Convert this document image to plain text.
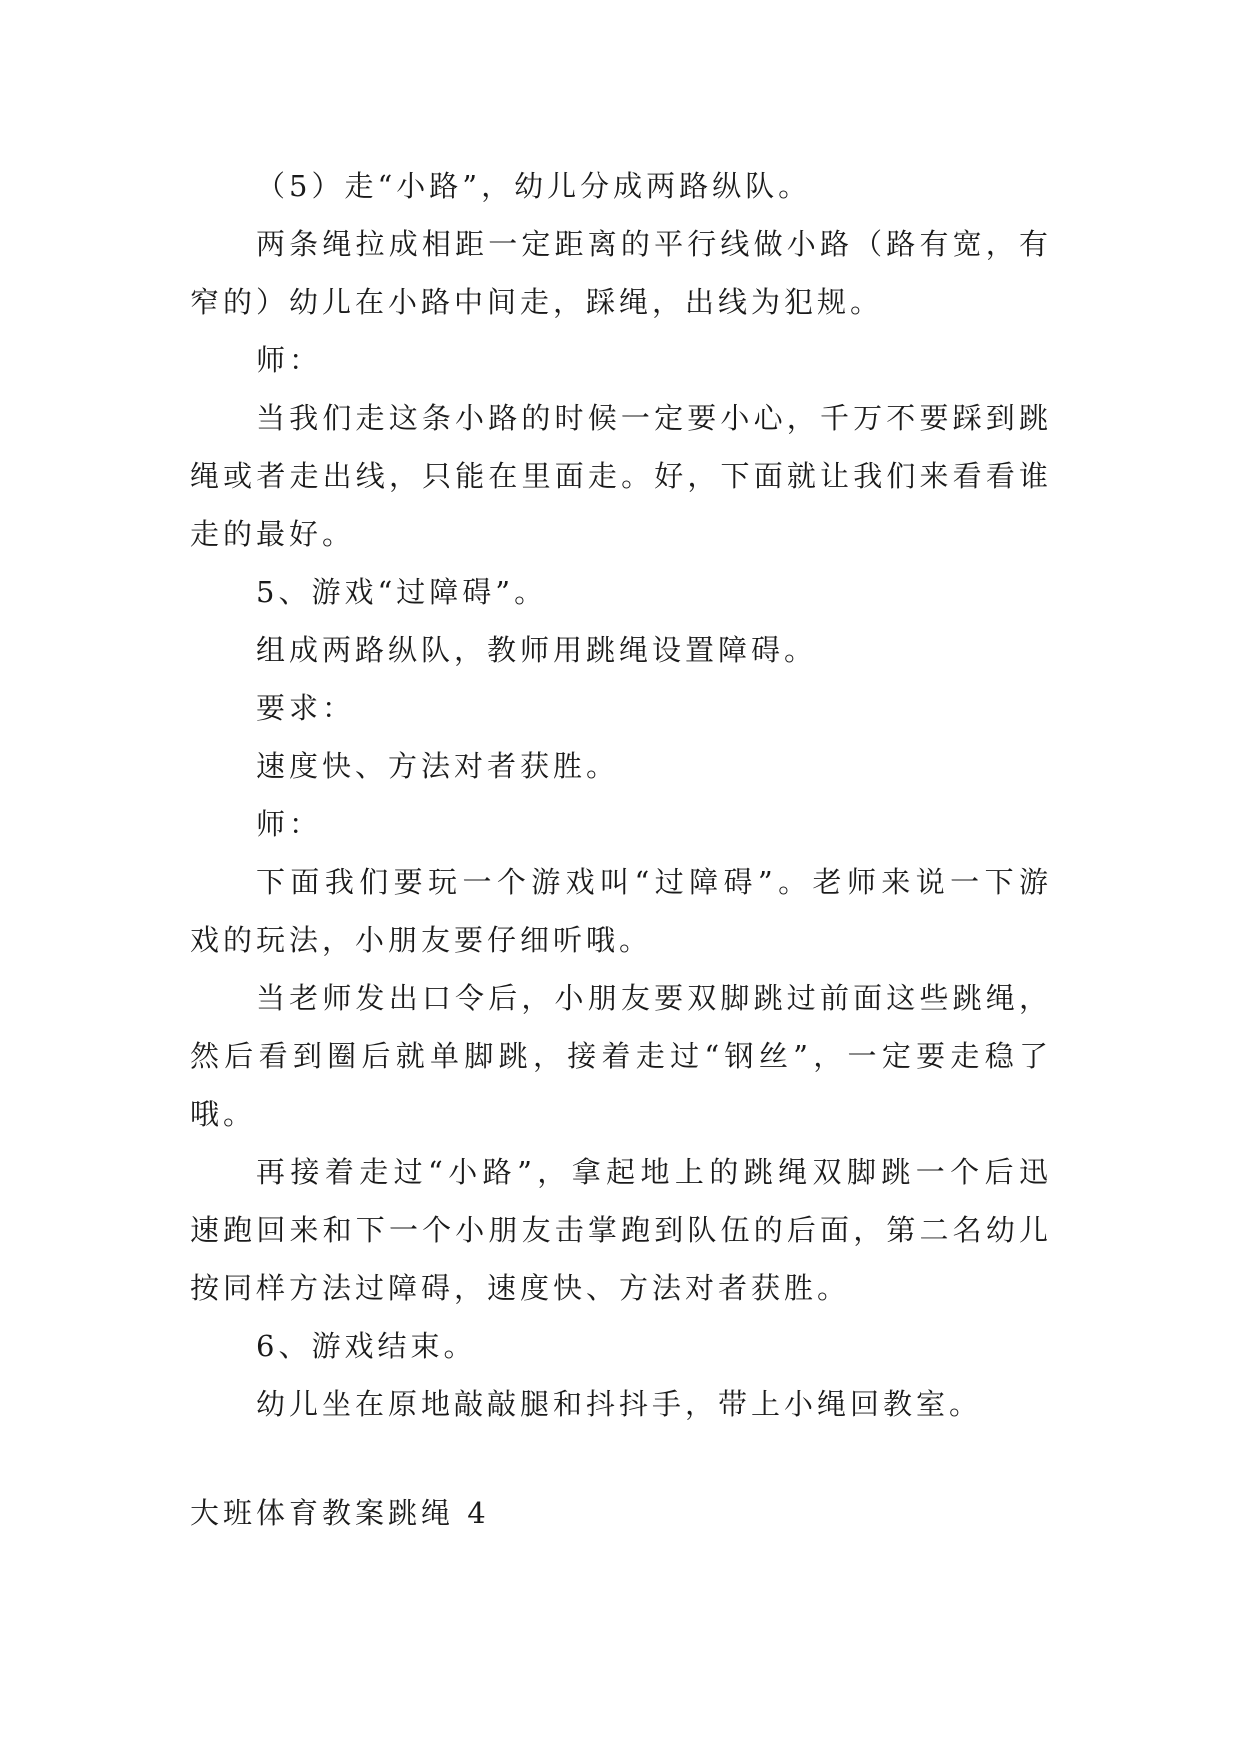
（5）走“小路”，幼儿分成两路纵队。

两条绳拉成相距一定距离的平行线做小路（路有宽，有窄的）幼儿在小路中间走，踩绳，出线为犯规。

师：

当我们走这条小路的时候一定要小心，千万不要踩到跳绳或者走出线，只能在里面走。好，下面就让我们来看看谁走的最好。

5、游戏“过障碍”。

组成两路纵队，教师用跳绳设置障碍。

要求：

速度快、方法对者获胜。

师：

下面我们要玩一个游戏叫“过障碍”。老师来说一下游戏的玩法，小朋友要仔细听哦。

当老师发出口令后，小朋友要双脚跳过前面这些跳绳，然后看到圈后就单脚跳，接着走过“钢丝”，一定要走稳了哦。

再接着走过“小路”，拿起地上的跳绳双脚跳一个后迅速跑回来和下一个小朋友击掌跑到队伍的后面，第二名幼儿按同样方法过障碍，速度快、方法对者获胜。

6、游戏结束。

幼儿坐在原地敲敲腿和抖抖手，带上小绳回教室。

大班体育教案跳绳 4
